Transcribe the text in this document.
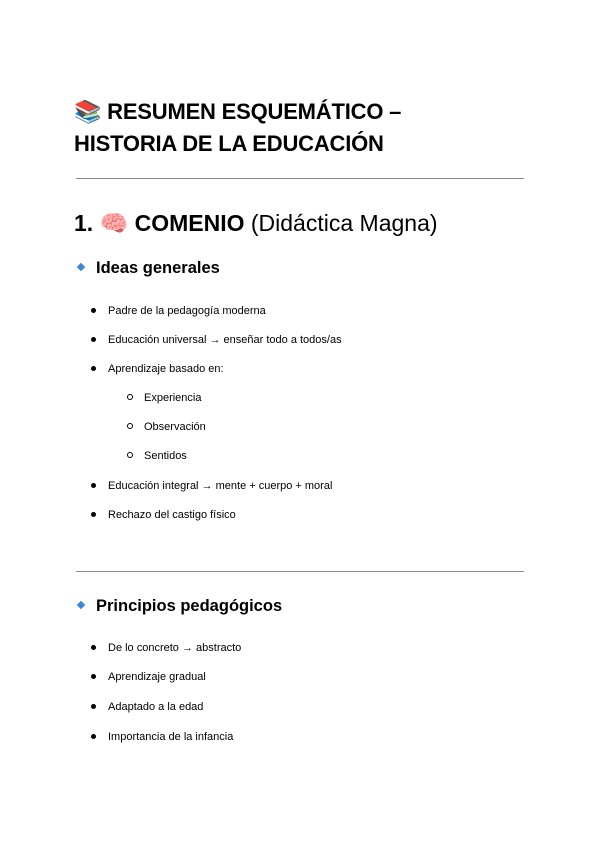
📚 RESUMEN ESQUEMÁTICO –
HISTORIA DE LA EDUCACIÓN
1. 🧠 COMENIO (Didáctica Magna)
Ideas generales
Padre de la pedagogía moderna
Educación universal → enseñar todo a todos/as
Aprendizaje basado en:
Experiencia
Observación
Sentidos
Educación integral → mente + cuerpo + moral
Rechazo del castigo físico
Principios pedagógicos
De lo concreto → abstracto
Aprendizaje gradual
Adaptado a la edad
Importancia de la infancia
